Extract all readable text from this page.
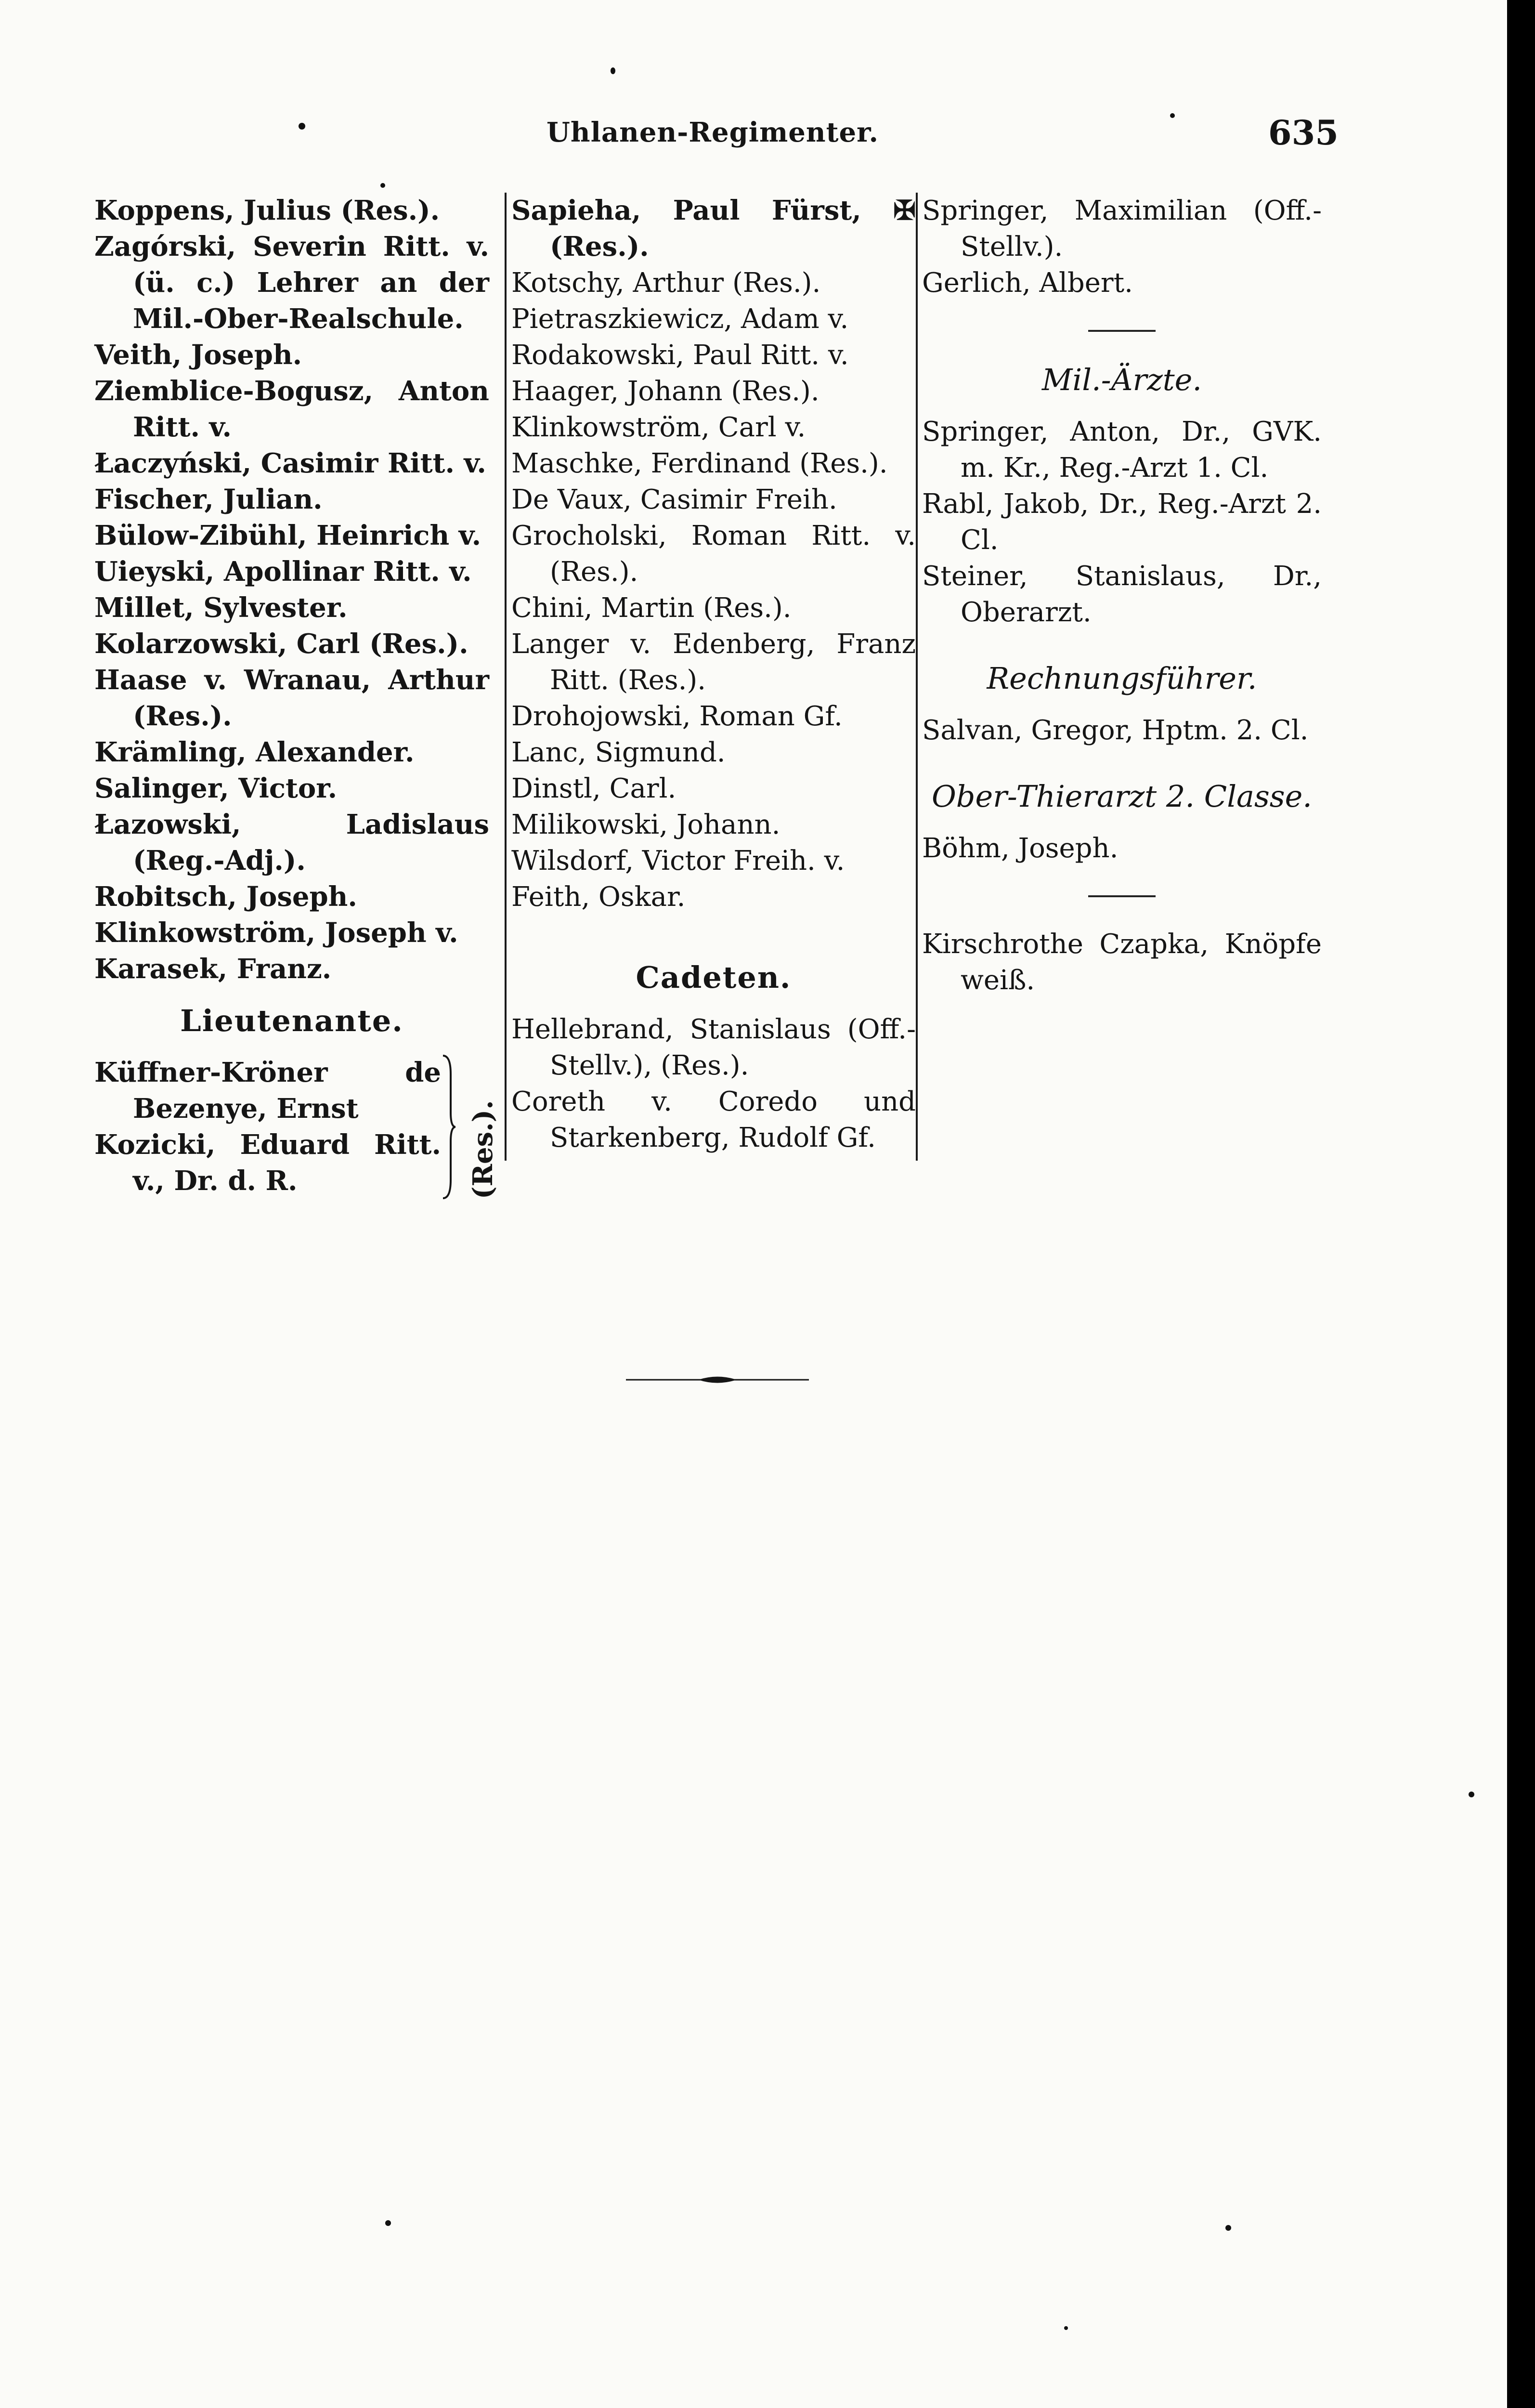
Uhlanen-Regimenter.	635
Koppens, Julius (Res.).
Zagórski, Severin Ritt. v. (ü. c.) Lehrer an der Mil.-Ober-Realschule.
Veith, Joseph.
Ziemblice-Bogusz, Anton Ritt. v.
Łaczyński, Casimir Ritt. v.
Fischer, Julian.
Bülow-Zibühl, Heinrich v.
Uieyski, Apollinar Ritt. v.
Millet, Sylvester.
Kolarzowski, Carl (Res.).
Haase v. Wranau, Arthur (Res.).
Krämling, Alexander.
Salinger, Victor.
Łazowski, Ladislaus (Reg.-Adj.).
Robitsch, Joseph.
Klinkowström, Joseph v.
Karasek, Franz.
Lieutenante.
Küffner-Kröner de Bezenye, Ernst
Kozicki, Eduard Ritt. v., Dr. d. R.	(Res.).
Sapieha, Paul Fürst, ✠ (Res.).
Kotschy, Arthur (Res.).
Pietraszkiewicz, Adam v.
Rodakowski, Paul Ritt. v.
Haager, Johann (Res.).
Klinkowström, Carl v.
Maschke, Ferdinand (Res.).
De Vaux, Casimir Freih.
Grocholski, Roman Ritt. v. (Res.).
Chini, Martin (Res.).
Langer v. Edenberg, Franz Ritt. (Res.).
Drohojowski, Roman Gf.
Lanc, Sigmund.
Dinstl, Carl.
Milikowski, Johann.
Wilsdorf, Victor Freih. v.
Feith, Oskar.
Cadeten.
Hellebrand, Stanislaus (Off.-Stellv.), (Res.).
Coreth v. Coredo und Starkenberg, Rudolf Gf.
Springer, Maximilian (Off.-Stellv.).
Gerlich, Albert.
Mil.-Ärzte.
Springer, Anton, Dr., GVK. m. Kr., Reg.-Arzt 1. Cl.
Rabl, Jakob, Dr., Reg.-Arzt 2. Cl.
Steiner, Stanislaus, Dr., Oberarzt.
Rechnungsführer.
Salvan, Gregor, Hptm. 2. Cl.
Ober-Thierarzt 2. Classe.
Böhm, Joseph.
Kirschrothe Czapka, Knöpfe weiß.
